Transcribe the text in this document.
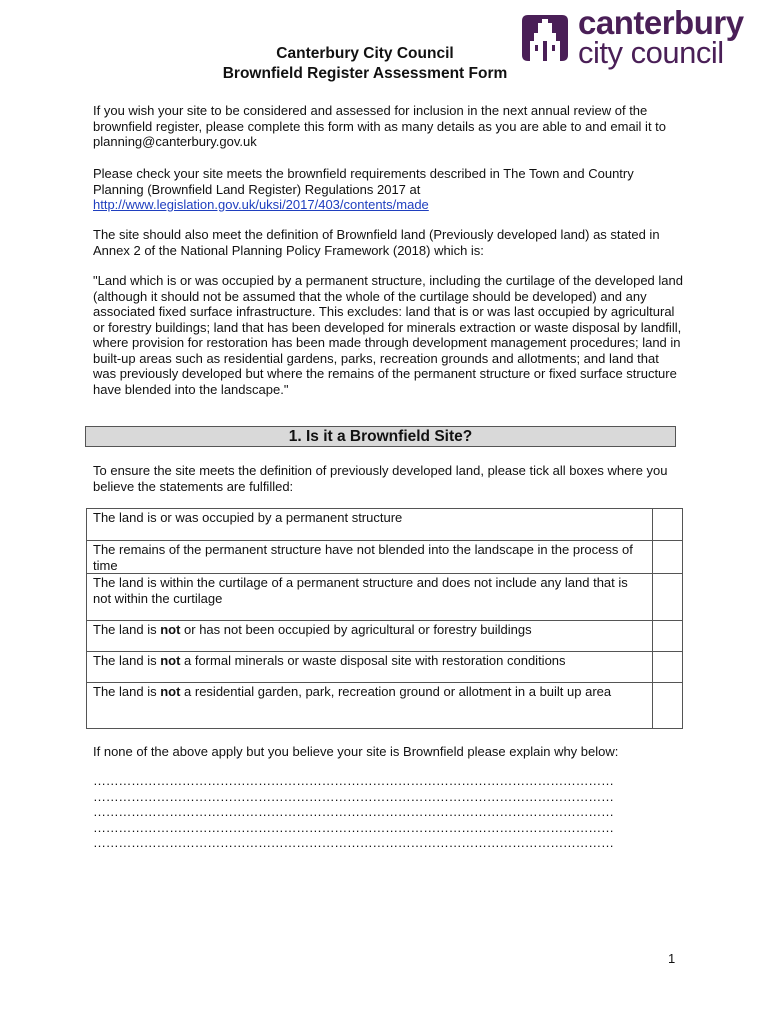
canterbury
city council
Canterbury City Council
Brownfield Register Assessment Form

If you wish your site to be considered and assessed for inclusion in the next annual review of the brownfield register, please complete this form with as many details as you are able to and email it to planning@canterbury.gov.uk

Please check your site meets the brownfield requirements described in The Town and Country Planning (Brownfield Land Register) Regulations 2017 at
http://www.legislation.gov.uk/uksi/2017/403/contents/made

The site should also meet the definition of Brownfield land (Previously developed land) as stated in Annex 2 of the National Planning Policy Framework (2018) which is:

"Land which is or was occupied by a permanent structure, including the curtilage of the developed land (although it should not be assumed that the whole of the curtilage should be developed) and any associated fixed surface infrastructure. This excludes: land that is or was last occupied by agricultural or forestry buildings; land that has been developed for minerals extraction or waste disposal by landfill, where provision for restoration has been made through development management procedures; land in built-up areas such as residential gardens, parks, recreation grounds and allotments; and land that was previously developed but where the remains of the permanent structure or fixed surface structure have blended into the landscape."

1. Is it a Brownfield Site?

To ensure the site meets the definition of previously developed land, please tick all boxes where you believe the statements are fulfilled:

The land is or was occupied by a permanent structure	
The remains of the permanent structure have not blended into the landscape in the process of time	
The land is within the curtilage of a permanent structure and does not include any land that is not within the curtilage	
The land is not or has not been occupied by agricultural or forestry buildings	
The land is not a formal minerals or waste disposal site with restoration conditions	
The land is not a residential garden, park, recreation ground or allotment in a built up area	

If none of the above apply but you believe your site is Brownfield please explain why below:

……………………………………………………………………………………………………………
……………………………………………………………………………………………………………
……………………………………………………………………………………………………………
……………………………………………………………………………………………………………
……………………………………………………………………………………………………………
1
